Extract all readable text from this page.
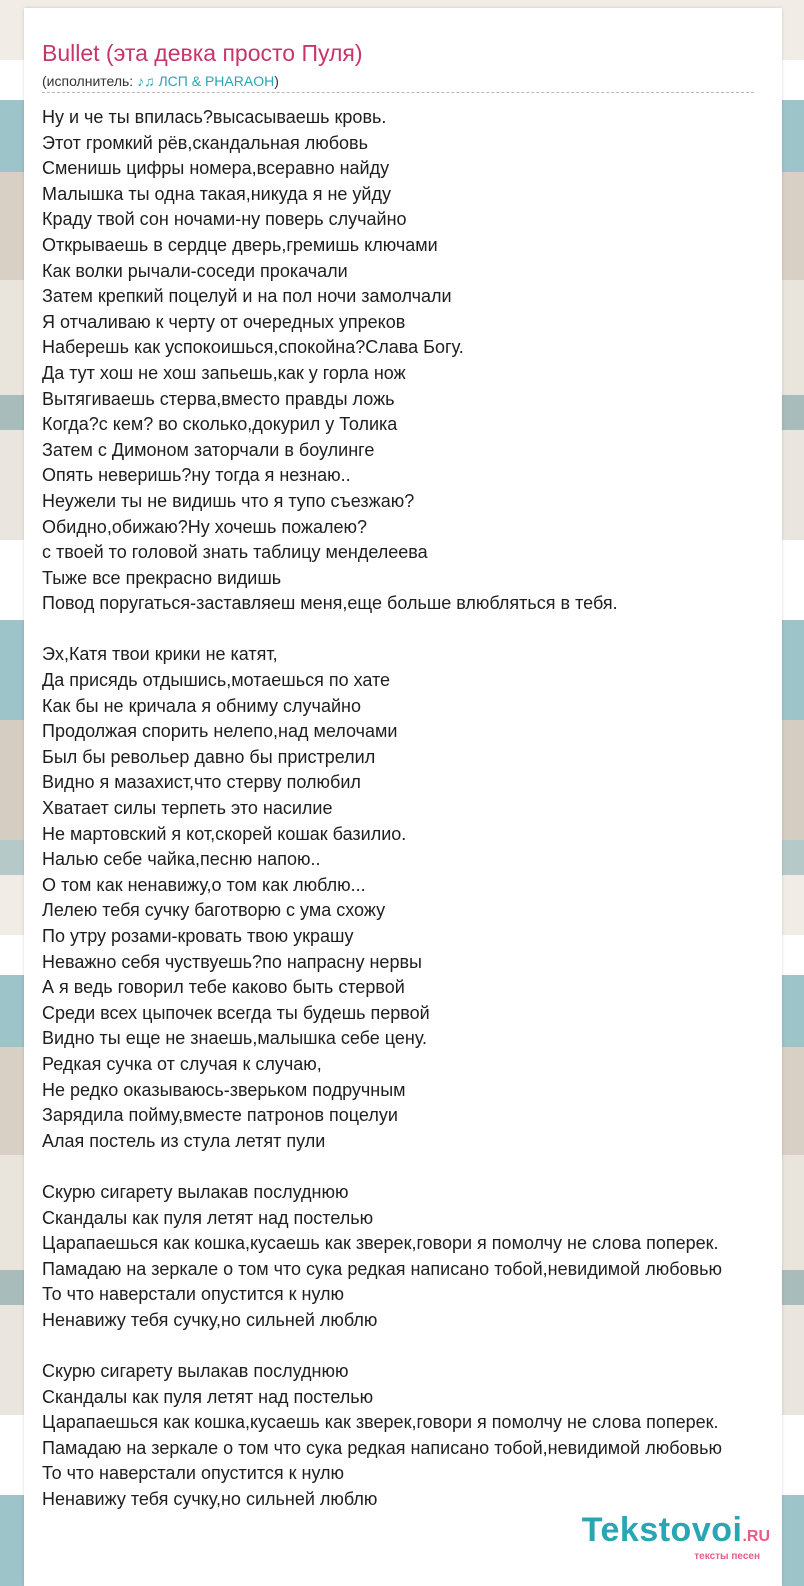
Bullet (эта девка просто Пуля)
(исполнитель: ♪♫ ЛСП & PHARAOH)
Ну и че ты впилась?высасываешь кровь.
Этот громкий рёв,скандальная любовь
Сменишь цифры номера,всеравно найду
Малышка ты одна такая,никуда я не уйду
Краду твой сон ночами-ну поверь случайно
Открываешь в сердце дверь,гремишь ключами
Как волки рычали-соседи прокачали
Затем крепкий поцелуй и на пол ночи замолчали
Я отчаливаю к черту от очередных упреков
Наберешь как успокоишься,спокойна?Слава Богу.
Да тут хош не хош запьешь,как у горла нож
Вытягиваешь стерва,вместо правды ложь
Когда?с кем? во сколько,докурил у Толика
Затем с Димоном заторчали в боулинге
Опять неверишь?ну тогда я незнаю..
Неужели ты не видишь что я тупо съезжаю?
Обидно,обижаю?Ну хочешь пожалею?
с твоей то головой знать таблицу менделеева
Тыже все прекрасно видишь
Повод поругаться-заставляеш меня,еще больше влюбляться в тебя.
Эх,Катя твои крики не катят,
Да присядь отдышись,мотаешься по хате
Как бы не кричала я обниму случайно
Продолжая спорить нелепо,над мелочами
Был бы револьер давно бы пристрелил
Видно я мазахист,что стерву полюбил
Хватает силы терпеть это насилие
Не мартовский я кот,скорей кошак базилио.
Налью себе чайка,песню напою..
О том как ненавижу,о том как люблю...
Лелею тебя сучку баготворю с ума схожу
По утру розами-кровать твою украшу
Неважно себя чуствуешь?по напрасну нервы
А я ведь говорил тебе каково быть стервой
Среди всех цыпочек всегда ты будешь первой
Видно ты еще не знаешь,малышка себе цену.
Редкая сучка от случая к случаю,
Не редко оказываюсь-зверьком подручным
Зарядила пойму,вместе патронов поцелуи
Алая постель из стула летят пули
Скурю сигарету вылакав послуднюю
Скандалы как пуля летят над постелью
Царапаешься как кошка,кусаешь как зверек,говори я помолчу не слова поперек.
Памадаю на зеркале о том что сука редкая написано тобой,невидимой любовью
То что наверстали опустится к нулю
Ненавижу тебя сучку,но сильней люблю
Скурю сигарету вылакав послуднюю
Скандалы как пуля летят над постелью
Царапаешься как кошка,кусаешь как зверек,говори я помолчу не слова поперек.
Памадаю на зеркале о том что сука редкая написано тобой,невидимой любовью
То что наверстали опустится к нулю
Ненавижу тебя сучку,но сильней люблю
Tekstovoi.RU
тексты песен
